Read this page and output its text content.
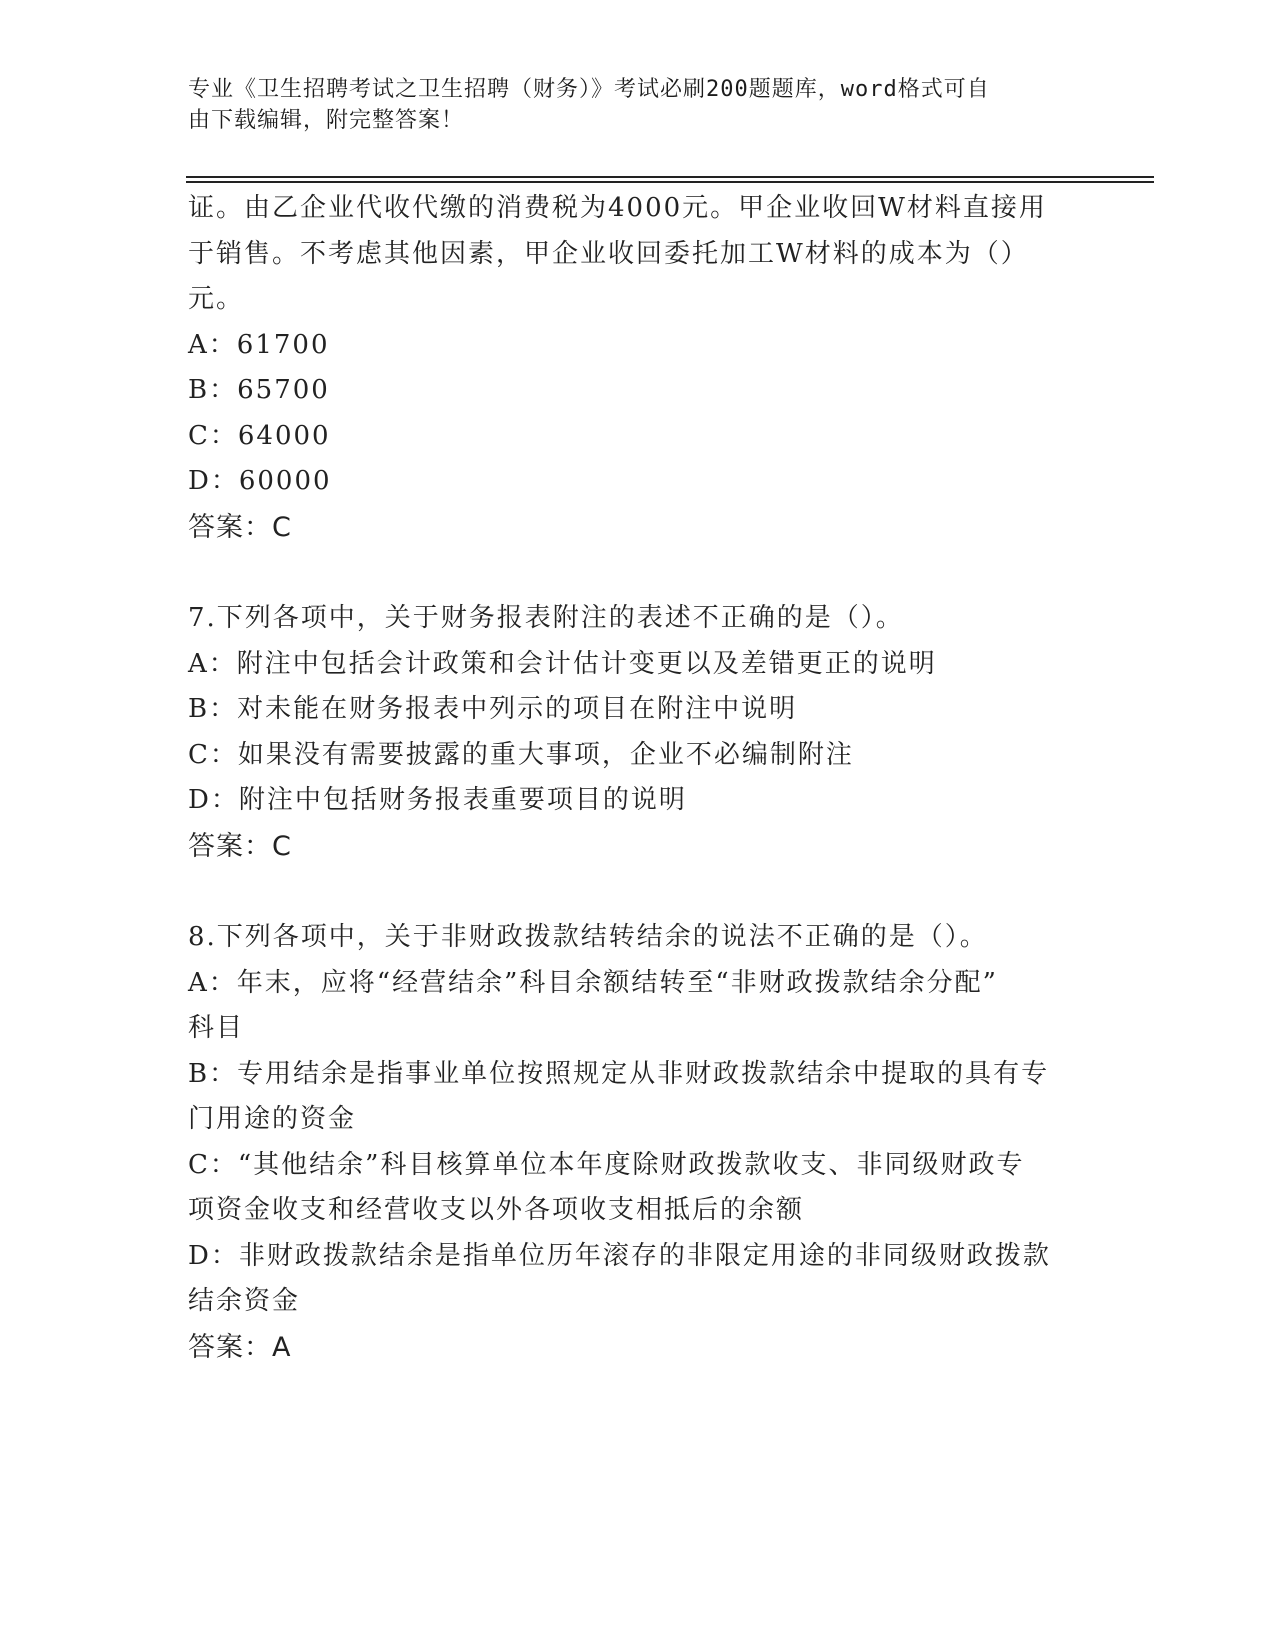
专业《卫生招聘考试之卫生招聘（财务）》考试必刷200题题库，word格式可自
由下载编辑，附完整答案！

证。由乙企业代收代缴的消费税为4000元。甲企业收回W材料直接用

于销售。不考虑其他因素，甲企业收回委托加工W材料的成本为（）

元。

A：61700

B：65700

C：64000

D：60000

答案：C

7.下列各项中，关于财务报表附注的表述不正确的是（）。

A：附注中包括会计政策和会计估计变更以及差错更正的说明

B：对未能在财务报表中列示的项目在附注中说明

C：如果没有需要披露的重大事项，企业不必编制附注

D：附注中包括财务报表重要项目的说明

答案：C

8.下列各项中，关于非财政拨款结转结余的说法不正确的是（）。

A：年末，应将“经营结余”科目余额结转至“非财政拨款结余分配”

科目

B：专用结余是指事业单位按照规定从非财政拨款结余中提取的具有专

门用途的资金

C：“其他结余”科目核算单位本年度除财政拨款收支、非同级财政专

项资金收支和经营收支以外各项收支相抵后的余额

D：非财政拨款结余是指单位历年滚存的非限定用途的非同级财政拨款

结余资金

答案：A
